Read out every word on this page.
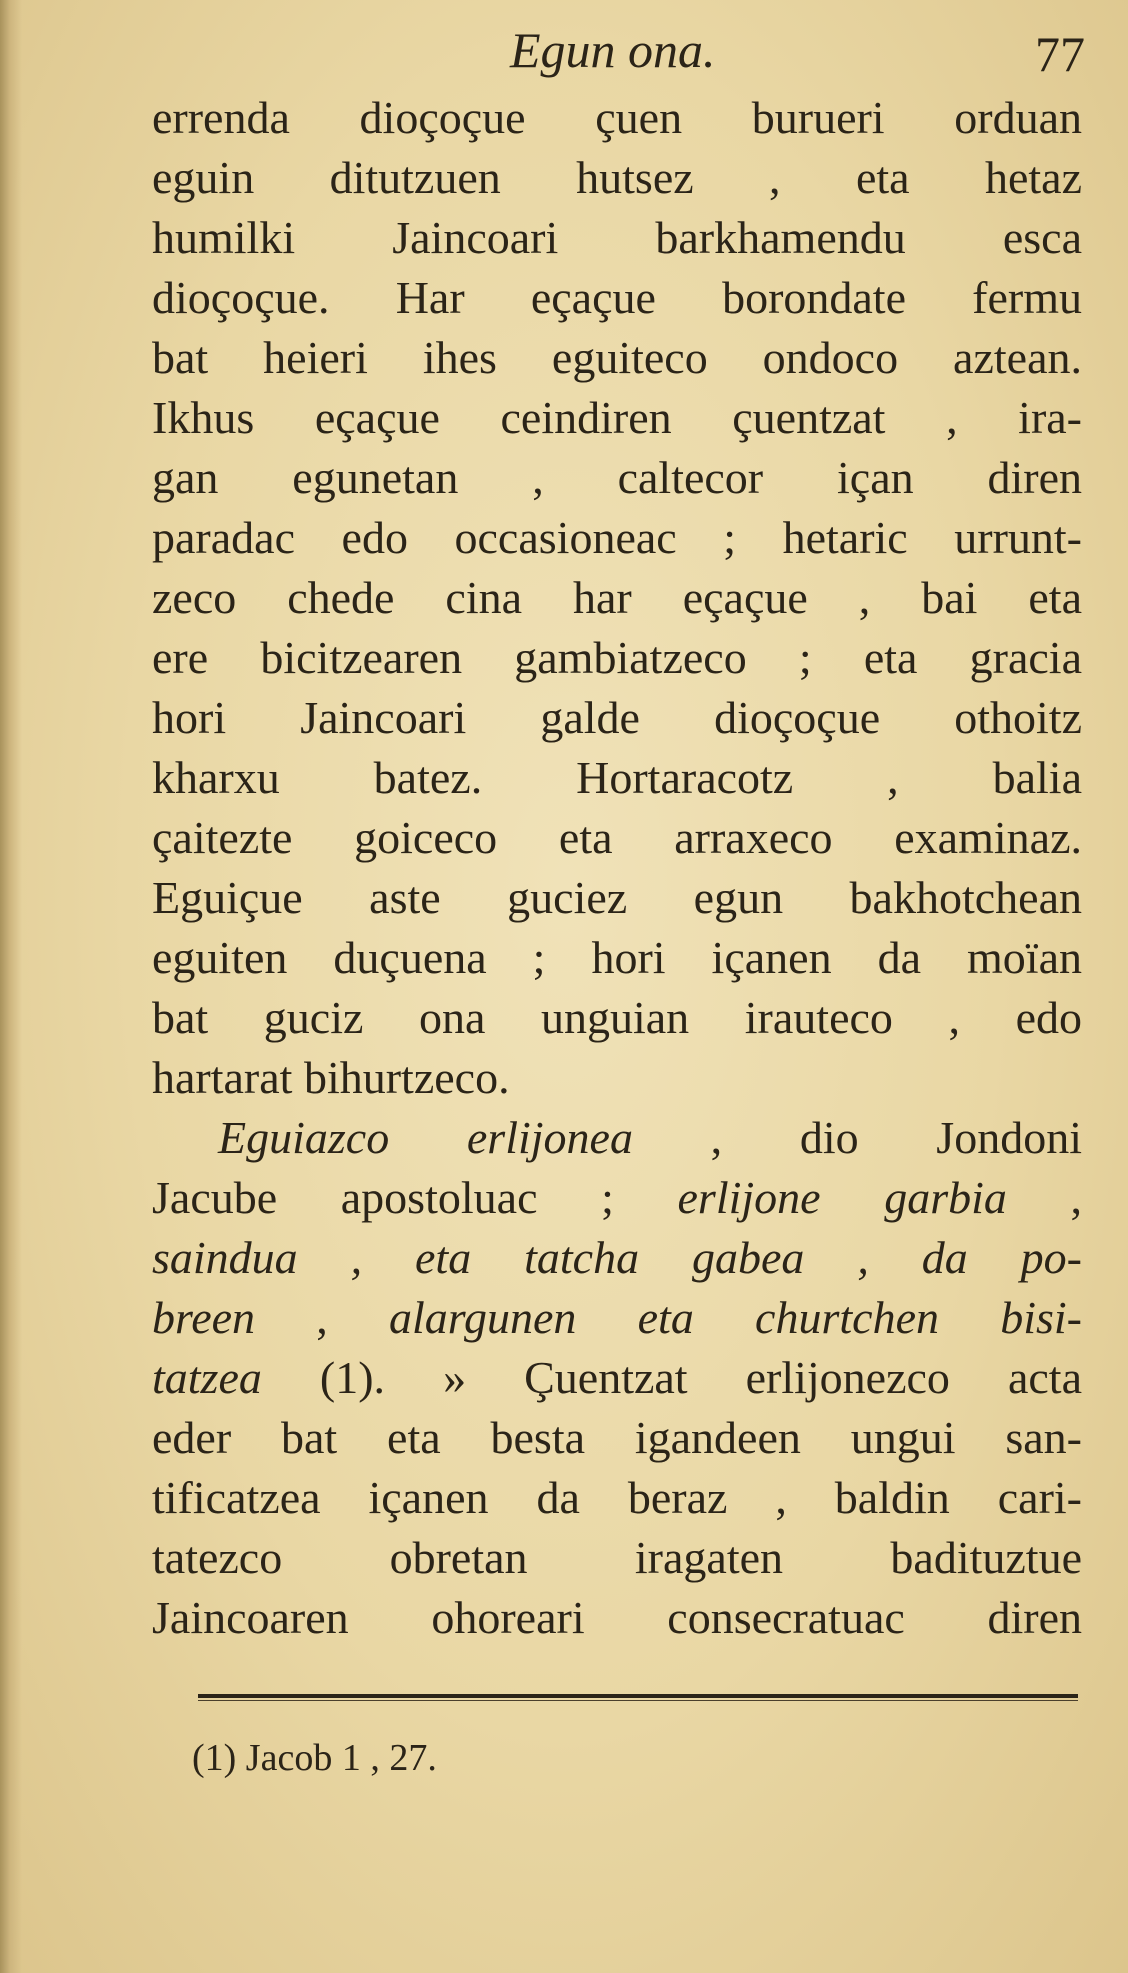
Egun ona.	77
errenda dioçoçue çuen burueri orduan
eguin ditutzuen hutsez , eta hetaz
humilki Jaincoari barkhamendu esca
dioçoçue. Har eçaçue borondate fermu
bat heieri ihes eguiteco ondoco aztean.
Ikhus eçaçue ceindiren çuentzat , ira-
gan egunetan , caltecor içan diren
paradac edo occasioneac ; hetaric urrunt-
zeco chede cina har eçaçue , bai eta
ere bicitzearen gambiatzeco ; eta gracia
hori Jaincoari galde dioçoçue othoitz
kharxu batez. Hortaracotz , balia
çaitezte goiceco eta arraxeco examinaz.
Eguiçue aste guciez egun bakhotchean
eguiten duçuena ; hori içanen da moïan
bat guciz ona unguian irauteco , edo
hartarat bihurtzeco.
Eguiazco erlijonea , dio Jondoni
Jacube apostoluac ; erlijone garbia ,
saindua , eta tatcha gabea , da po-
breen , alargunen eta churtchen bisi-
tatzea (1). » Çuentzat erlijonezco acta
eder bat eta besta igandeen ungui san-
tificatzea içanen da beraz , baldin cari-
tatezco obretan iragaten badituztue
Jaincoaren ohoreari consecratuac diren
(1) Jacob 1 , 27.
